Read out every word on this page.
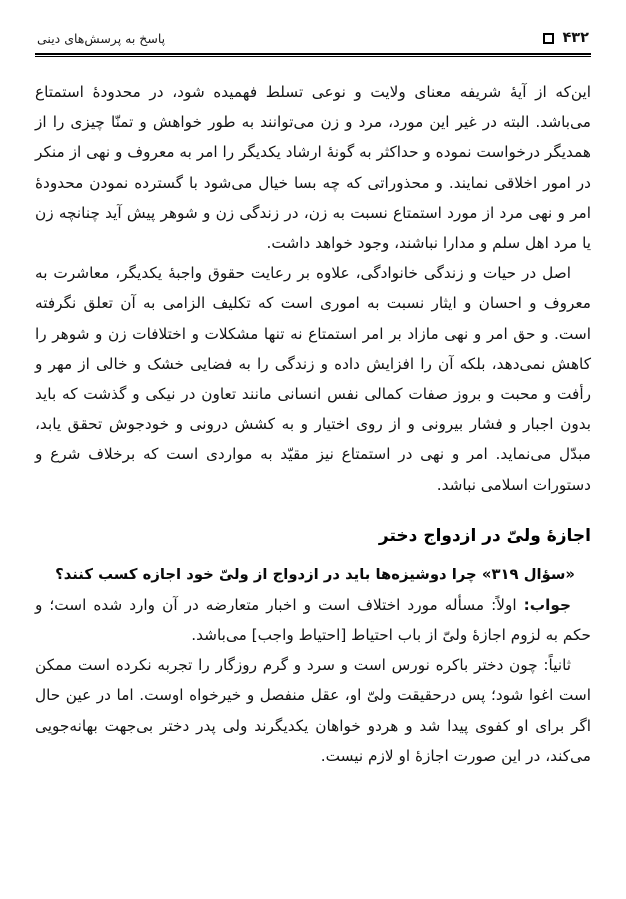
۴۳۲
پاسخ به پرسش‌های دینی

این‌که از آیهٔ شریفه معنای ولایت و نوعی تسلط فهمیده شود، در محدودهٔ استمتاع می‌باشد. البته در غیر این مورد، مرد و زن می‌توانند به طور خواهش و تمنّا چیزی را از همدیگر درخواست نموده و حداکثر به گونهٔ ارشاد یکدیگر را امر به معروف و نهی از منکر در امور اخلاقی نمایند. و محذوراتی که چه بسا خیال می‌شود با گسترده نمودن محدودهٔ امر و نهی مرد از مورد استمتاع نسبت به زن، در زندگی زن و شوهر پیش آید چنانچه زن یا مرد اهل سلم و مدارا نباشند، وجود خواهد داشت.

اصل در حیات و زندگی خانوادگی، علاوه بر رعایت حقوق واجبهٔ یکدیگر، معاشرت به معروف و احسان و ایثار نسبت به اموری است که تکلیف الزامی به آن تعلق نگرفته است. و حق امر و نهی مازاد بر امر استمتاع نه تنها مشکلات و اختلافات زن و شوهر را کاهش نمی‌دهد، بلکه آن را افزایش داده و زندگی را به فضایی خشک و خالی از مهر و رأفت و محبت و بروز صفات کمالی نفس انسانی مانند تعاون در نیکی و گذشت که باید بدون اجبار و فشار بیرونی و از روی اختیار و به کشش درونی و خودجوش تحقق یابد، مبدّل می‌نماید. امر و نهی در استمتاع نیز مقیّد به مواردی است که برخلاف شرع و دستورات اسلامی نباشد.

اجازهٔ ولیّ در ازدواج دختر

«سؤال ۳۱۹» چرا دوشیزه‌ها باید در ازدواج از ولیّ خود اجازه کسب کنند؟

جواب: اولاً: مسأله مورد اختلاف است و اخبار متعارضه در آن وارد شده است؛ و حکم به لزوم اجازهٔ ولیّ از باب احتیاط [احتیاط واجب] می‌باشد.

ثانیاً: چون دختر باکره نورس است و سرد و گرم روزگار را تجربه نکرده است ممکن است اغوا شود؛ پس درحقیقت ولیّ او، عقل منفصل و خیرخواه اوست. اما در عین حال اگر برای او کفوی پیدا شد و هردو خواهان یکدیگرند ولی پدر دختر بی‌جهت بهانه‌جویی می‌کند، در این صورت اجازهٔ او لازم نیست.
